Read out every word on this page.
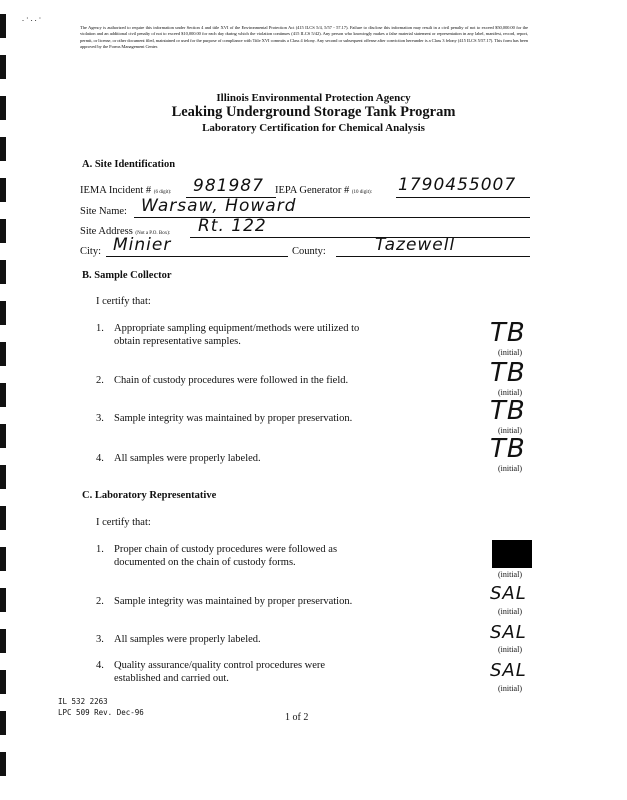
. · . . ·
The Agency is authorized to require this information under Section 4 and title XVI of the Environmental Protection Act (415 ILCS 5/4, 5/57 - 57.17). Failure to disclose this information may result in a civil penalty of not to exceed $50,000.00 for the violation and an additional civil penalty of not to exceed $10,000.00 for each day during which the violation continues (415 ILCS 5/42). Any person who knowingly makes a false material statement or representation in any label, manifest, record, report, permit, or license, or other document filed, maintained or used for the purpose of compliance with Title XVI commits a Class 4 felony. Any second or subsequent offense after conviction hereunder is a Class 3 felony (415 ILCS 5/57.17). This form has been approved by the Forms Management Center.
Illinois Environmental Protection Agency
Leaking Underground Storage Tank Program
Laboratory Certification for Chemical Analysis
A. Site Identification
IEMA Incident # (6 digit): 981987 IEPA Generator # (10 digit): 1790455007
Site Name: Warsaw, Howard
Site Address (Not a P.O. Box): Rt. 122
City: Minier	County:	Tazewell
B. Sample Collector
I certify that:
1. Appropriate sampling equipment/methods were utilized to obtain representative samples.	TB
(initial)
2. Chain of custody procedures were followed in the field.	TB
(initial)
3. Sample integrity was maintained by proper preservation.	TB
(initial)
4. All samples were properly labeled.	TB
(initial)
C. Laboratory Representative
I certify that:
1. Proper chain of custody procedures were followed as documented on the chain of custody forms.
(initial)
2. Sample integrity was maintained by proper preservation.	SAL
(initial)
3. All samples were properly labeled.	SAL
(initial)
4. Quality assurance/quality control procedures were established and carried out.	SAL
(initial)
IL 532 2263
LPC 509 Rev. Dec-96	1 of 2
